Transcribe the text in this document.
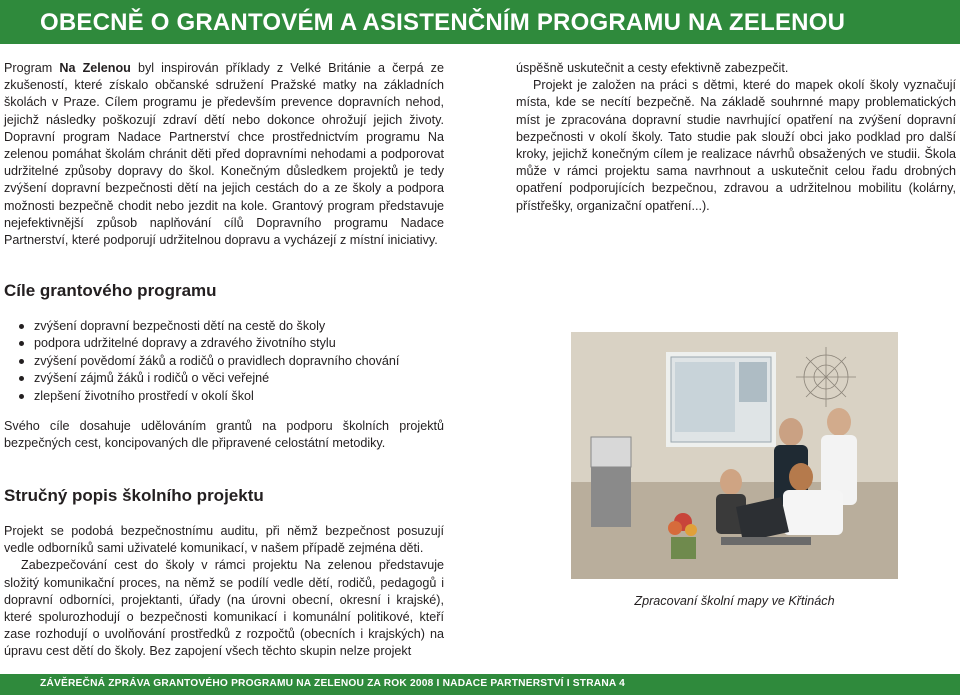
OBECNĚ O GRANTOVÉM A ASISTENČNÍM PROGRAMU NA ZELENOU

Program Na Zelenou byl inspirován příklady z Velké Británie a čerpá ze zkušeností, které získalo občanské sdružení Pražské matky na základních školách v Praze. Cílem programu je především prevence dopravních nehod, jejichž následky poškozují zdraví dětí nebo dokonce ohrožují jejich životy. Dopravní program Nadace Partnerství chce prostřednictvím programu Na zelenou pomáhat školám chránit děti před dopravními nehodami a podporovat udržitelné způsoby dopravy do škol. Konečným důsledkem projektů je tedy zvýšení dopravní bezpečnosti dětí na jejich cestách do a ze školy a podpora možnosti bezpečně chodit nebo jezdit na kole. Grantový program představuje nejefektivnější způsob naplňování cílů Dopravního programu Nadace Partnerství, které podporují udržitelnou dopravu a vycházejí z místní iniciativy.

úspěšně uskutečnit a cesty efektivně zabezpečit.

Projekt je založen na práci s dětmi, které do mapek okolí školy vyznačují místa, kde se necítí bezpečně. Na základě souhrnné mapy problematických míst je zpracována dopravní studie navrhující opatření na zvýšení dopravní bezpečnosti v okolí školy. Tato studie pak slouží obci jako podklad pro další kroky, jejichž konečným cílem je realizace návrhů obsažených ve studii. Škola může v rámci projektu sama navrhnout a uskutečnit celou řadu drobných opatření podporujících bezpečnou, zdravou a udržitelnou mobilitu (kolárny, přístřešky, organizační opatření...).

Cíle grantového programu
zvýšení dopravní bezpečnosti dětí na cestě do školy
podpora udržitelné dopravy a zdravého životního stylu
zvýšení povědomí žáků a rodičů o pravidlech dopravního chování
zvýšení zájmů žáků i rodičů o věci veřejné
zlepšení životního prostředí v okolí škol

Svého cíle dosahuje udělováním grantů na podporu školních projektů bezpečných cest, koncipovaných dle připravené celostátní metodiky.

Stručný popis školního projektu

Projekt se podobá bezpečnostnímu auditu, při němž bezpečnost posuzují vedle odborníků sami uživatelé komunikací, v našem případě zejména děti.

Zabezpečování cest do školy v rámci projektu Na zelenou představuje složitý komunikační proces, na němž se podílí vedle dětí, rodičů, pedagogů i dopravní odborníci, projektanti, úřady (na úrovni obecní, okresní i krajské), které spolurozhodují o bezpečnosti komunikací i komunální politikové, kteří zase rozhodují o uvolňování prostředků z rozpočtů (obecních i krajských) na úpravu cest dětí do školy. Bez zapojení všech těchto skupin nelze projekt

Zpracovaní školní mapy ve Křtinách
ZÁVĚREČNÁ ZPRÁVA GRANTOVÉHO PROGRAMU NA ZELENOU ZA ROK 2008 I NADACE PARTNERSTVÍ I STRANA 4
